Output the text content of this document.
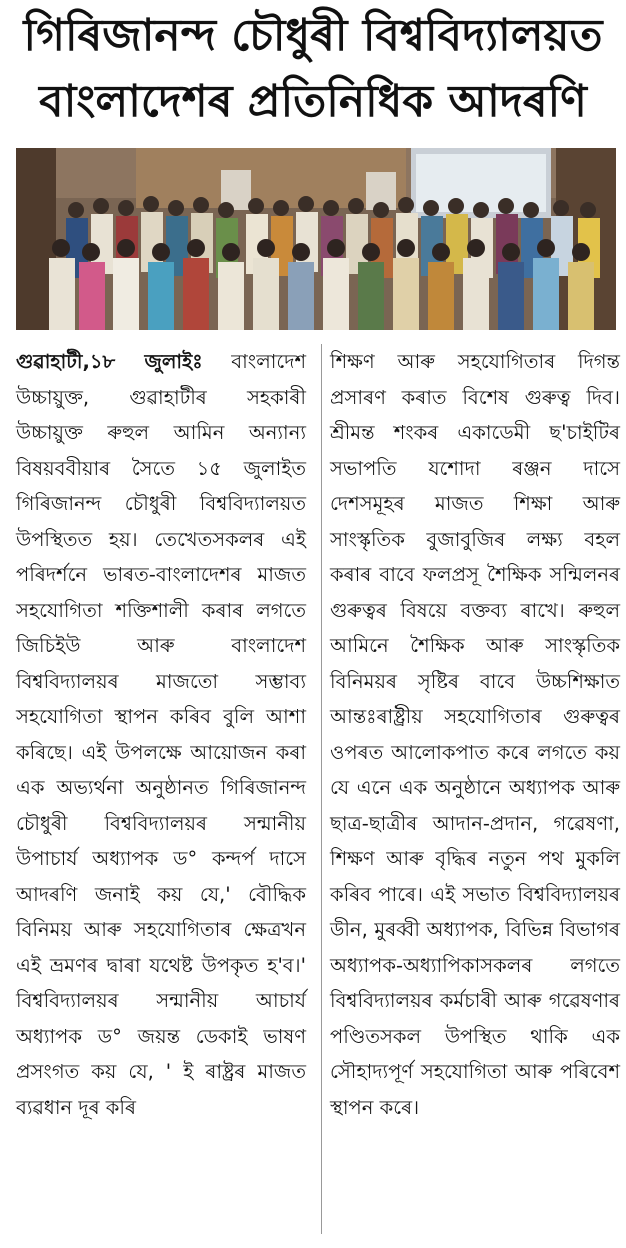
গিৰিজানন্দ চৌধুৰী বিশ্ববিদ্যালয়ত
বাংলাদেশৰ প্ৰতিনিধিক আদৰণি

গুৱাহাটী,১৮ জুলাইঃ বাংলাদেশ উচ্চায়ুক্ত, গুৱাহাটীৰ সহকাৰী উচ্চায়ুক্ত ৰুহুল আমিন অন্যান্য বিষয়ববীয়াৰ সৈতে ১৫ জুলাইত গিৰিজানন্দ চৌধুৰী বিশ্ববিদ্যালয়ত উপস্থিতত হয়। তেখেতসকলৰ এই পৰিদৰ্শনে ভাৰত-বাংলাদেশৰ মাজত সহযোগিতা শক্তিশালী কৰাৰ লগতে জিচিইউ আৰু বাংলাদেশ বিশ্ববিদ্যালয়ৰ মাজতো সম্ভাব্য সহযোগিতা স্থাপন কৰিব বুলি আশা কৰিছে। এই উপলক্ষে আয়োজন কৰা এক অভ্যৰ্থনা অনুষ্ঠানত গিৰিজানন্দ চৌধুৰী বিশ্ববিদ্যালয়ৰ সন্মানীয় উপাচাৰ্য অধ্যাপক ড° কন্দৰ্প দাসে আদৰণি জনাই কয় যে,' বৌদ্ধিক বিনিময় আৰু সহযোগিতাৰ ক্ষেত্ৰখন এই ভ্ৰমণৰ দ্বাৰা যথেষ্ট উপকৃত হ'ব।' বিশ্ববিদ্যালয়ৰ সন্মানীয় আচাৰ্য অধ্যাপক ড° জয়ন্ত ডেকাই ভাষণ প্ৰসংগত কয় যে, ' ই ৰাষ্ট্ৰৰ মাজত ব্যৱধান দূৰ কৰি

শিক্ষণ আৰু সহযোগিতাৰ দিগন্ত প্ৰসাৰণ কৰাত বিশেষ গুৰুত্ব দিব। শ্ৰীমন্ত শংকৰ একাডেমী ছ'চাইটিৰ সভাপতি যশোদা ৰঞ্জন দাসে দেশসমূহৰ মাজত শিক্ষা আৰু সাংস্কৃতিক বুজাবুজিৰ লক্ষ্য বহল কৰাৰ বাবে ফলপ্ৰসূ শৈক্ষিক সন্মিলনৰ গুৰুত্বৰ বিষয়ে বক্তব্য ৰাখে। ৰুহুল আমিনে শৈক্ষিক আৰু সাংস্কৃতিক বিনিময়ৰ সৃষ্টিৰ বাবে উচ্চশিক্ষাত আন্তঃৰাষ্ট্ৰীয় সহযোগিতাৰ গুৰুত্বৰ ওপৰত আলোকপাত কৰে লগতে কয় যে এনে এক অনুষ্ঠানে অধ্যাপক আৰু ছাত্ৰ-ছাত্ৰীৰ আদান-প্ৰদান, গৱেষণা, শিক্ষণ আৰু বৃদ্ধিৰ নতুন পথ মুকলি কৰিব পাৰে। এই সভাত বিশ্ববিদ্যালয়ৰ ডীন, মুৰব্বী অধ্যাপক, বিভিন্ন বিভাগৰ অধ্যাপক-অধ্যাপিকাসকলৰ লগতে বিশ্ববিদ্যালয়ৰ কৰ্মচাৰী আৰু গৱেষণাৰ পণ্ডিতসকল উপস্থিত থাকি এক সৌহাদ্যপূৰ্ণ সহযোগিতা আৰু পৰিবেশ স্থাপন কৰে।
